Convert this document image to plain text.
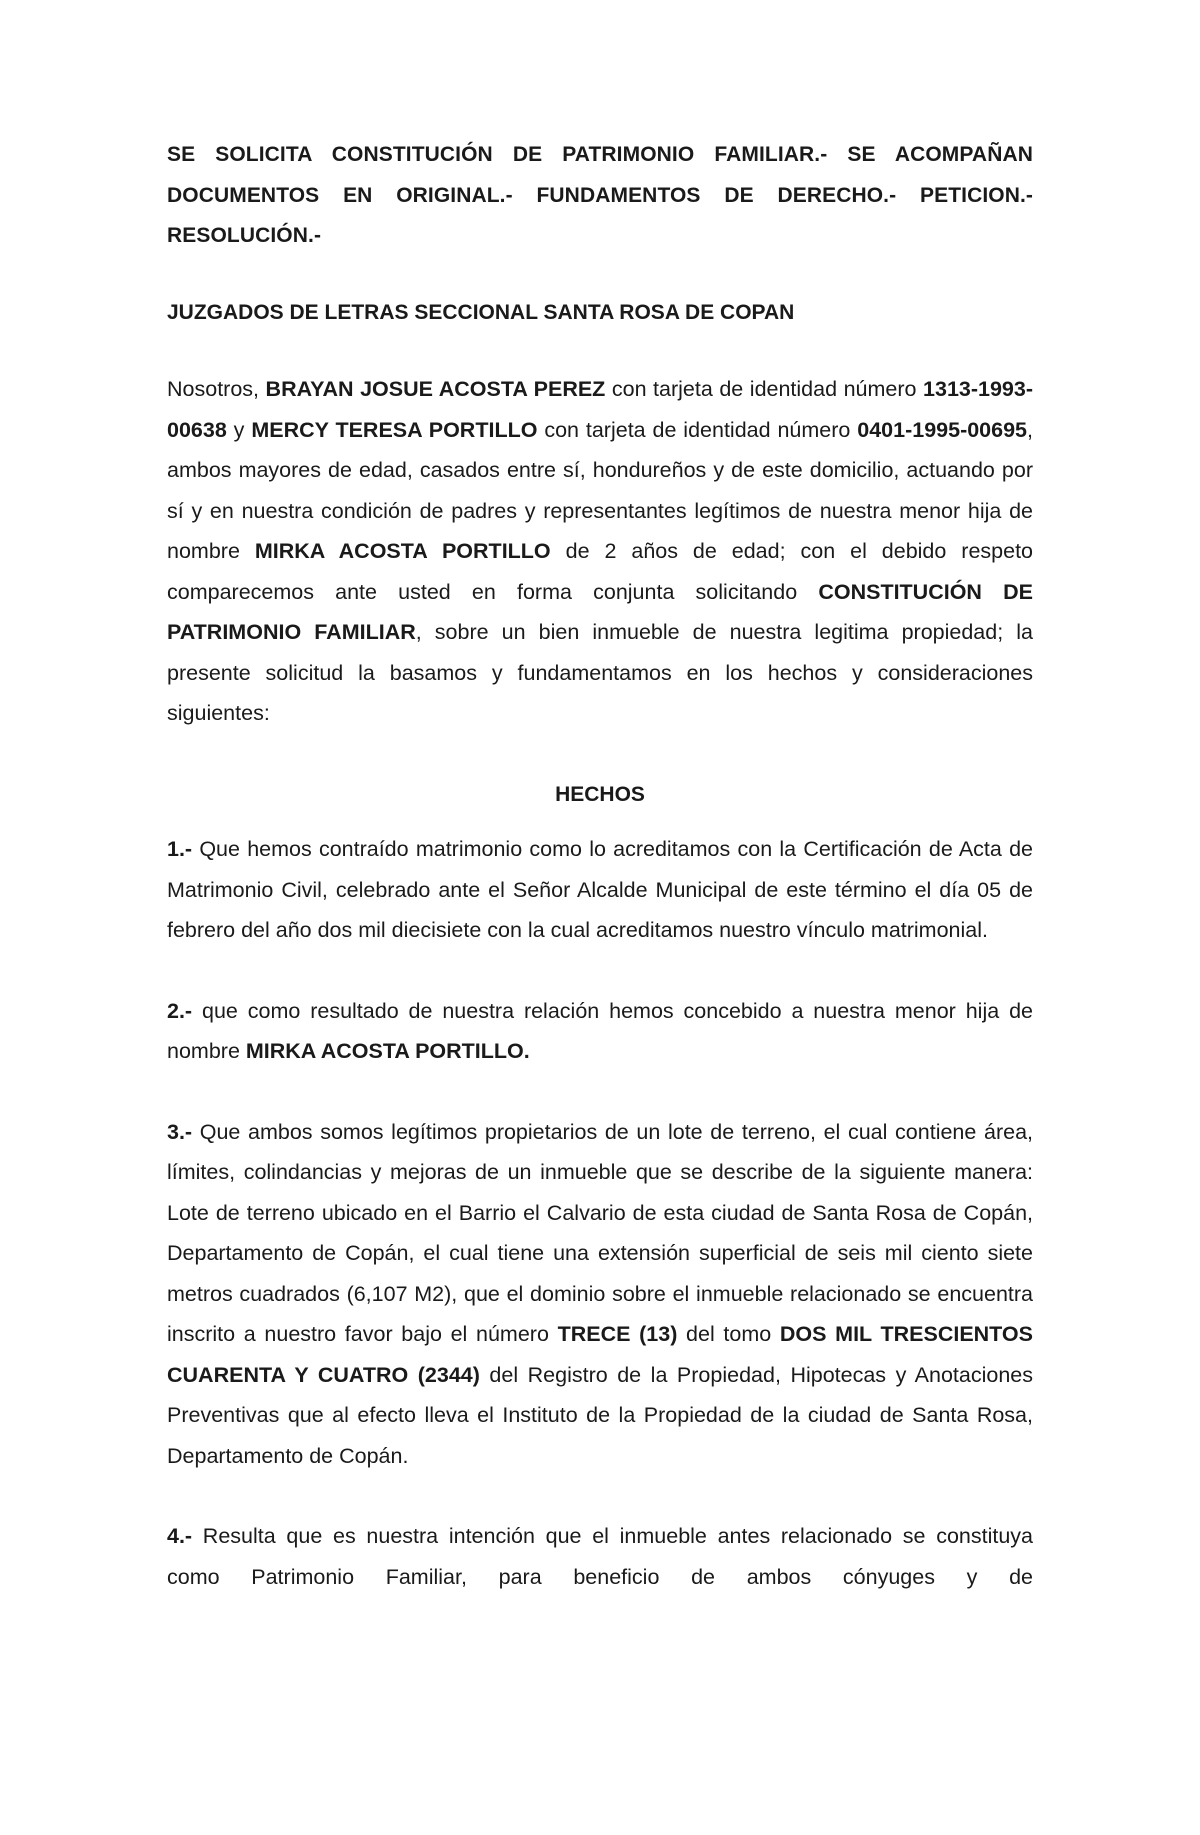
SE SOLICITA CONSTITUCIÓN DE PATRIMONIO FAMILIAR.- SE ACOMPAÑAN DOCUMENTOS EN ORIGINAL.- FUNDAMENTOS DE DERECHO.- PETICION.- RESOLUCIÓN.-

JUZGADOS DE LETRAS SECCIONAL SANTA ROSA DE COPAN

Nosotros, BRAYAN JOSUE ACOSTA PEREZ con tarjeta de identidad número 1313-1993-00638 y MERCY TERESA PORTILLO con tarjeta de identidad número 0401-1995-00695, ambos mayores de edad, casados entre sí, hondureños y de este domicilio, actuando por sí y en nuestra condición de padres y representantes legítimos de nuestra menor hija de nombre MIRKA ACOSTA PORTILLO de 2 años de edad; con el debido respeto comparecemos ante usted en forma conjunta solicitando CONSTITUCIÓN DE PATRIMONIO FAMILIAR, sobre un bien inmueble de nuestra legitima propiedad; la presente solicitud la basamos y fundamentamos en los hechos y consideraciones siguientes:

HECHOS

1.- Que hemos contraído matrimonio como lo acreditamos con la Certificación de Acta de Matrimonio Civil, celebrado ante el Señor Alcalde Municipal de este término el día 05 de febrero del año dos mil diecisiete con la cual acreditamos nuestro vínculo matrimonial.

2.- que como resultado de nuestra relación hemos concebido a nuestra menor hija de nombre MIRKA ACOSTA PORTILLO.

3.- Que ambos somos legítimos propietarios de un lote de terreno, el cual contiene área, límites, colindancias y mejoras de un inmueble que se describe de la siguiente manera: Lote de terreno ubicado en el Barrio el Calvario de esta ciudad de Santa Rosa de Copán, Departamento de Copán, el cual tiene una extensión superficial de seis mil ciento siete metros cuadrados (6,107 M2), que el dominio sobre el inmueble relacionado se encuentra inscrito a nuestro favor bajo el número TRECE (13) del tomo DOS MIL TRESCIENTOS CUARENTA Y CUATRO (2344) del Registro de la Propiedad, Hipotecas y Anotaciones Preventivas que al efecto lleva el Instituto de la Propiedad de la ciudad de Santa Rosa, Departamento de Copán.

4.- Resulta que es nuestra intención que el inmueble antes relacionado se constituya como Patrimonio Familiar, para beneficio de ambos cónyuges y de
